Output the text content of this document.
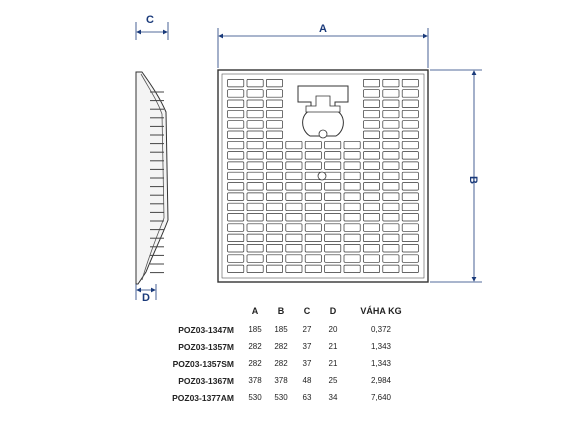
C
D
A
B
	A	B	C	D	VÁHA KG
POZ03-1347M	185	185	27	20	0,372
POZ03-1357M	282	282	37	21	1,343
POZ03-1357SM	282	282	37	21	1,343
POZ03-1367M	378	378	48	25	2,984
POZ03-1377AM	530	530	63	34	7,640
